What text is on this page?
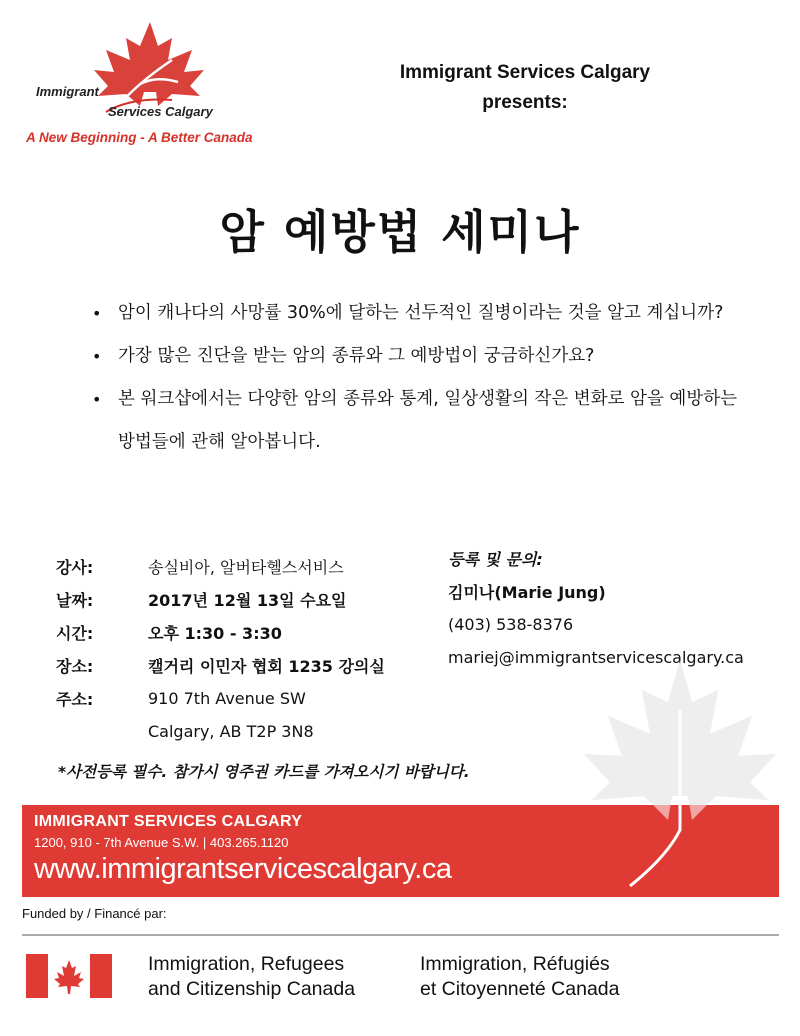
Immigrant
Services Calgary
A New Beginning - A Better Canada
Immigrant Services Calgary
presents:
암 예방법 세미나
• 암이 캐나다의 사망률 30%에 달하는 선두적인 질병이라는 것을 알고 계십니까?
• 가장 많은 진단을 받는 암의 종류와 그 예방법이 궁금하신가요?
• 본 워크샵에서는 다양한 암의 종류와 통계, 일상생활의 작은 변화로 암을 예방하는 방법들에 관해 알아봅니다.
강사:	송실비아, 알버타헬스서비스
날짜:	2017년 12월 13일 수요일
시간:	오후 1:30 - 3:30
장소:	캘거리 이민자 협회 1235 강의실
주소:	910 7th Avenue SW
Calgary, AB T2P 3N8
등록 및 문의:
김미나(Marie Jung)
(403) 538-8376
mariej@immigrantservicescalgary.ca
*사전등록 필수. 참가시 영주권 카드를 가져오시기 바랍니다.
IMMIGRANT SERVICES CALGARY
1200, 910 - 7th Avenue S.W. | 403.265.1120
www.immigrantservicescalgary.ca
Funded by / Financé par:
Immigration, Refugees
and Citizenship Canada
Immigration, Réfugiés
et Citoyenneté Canada
